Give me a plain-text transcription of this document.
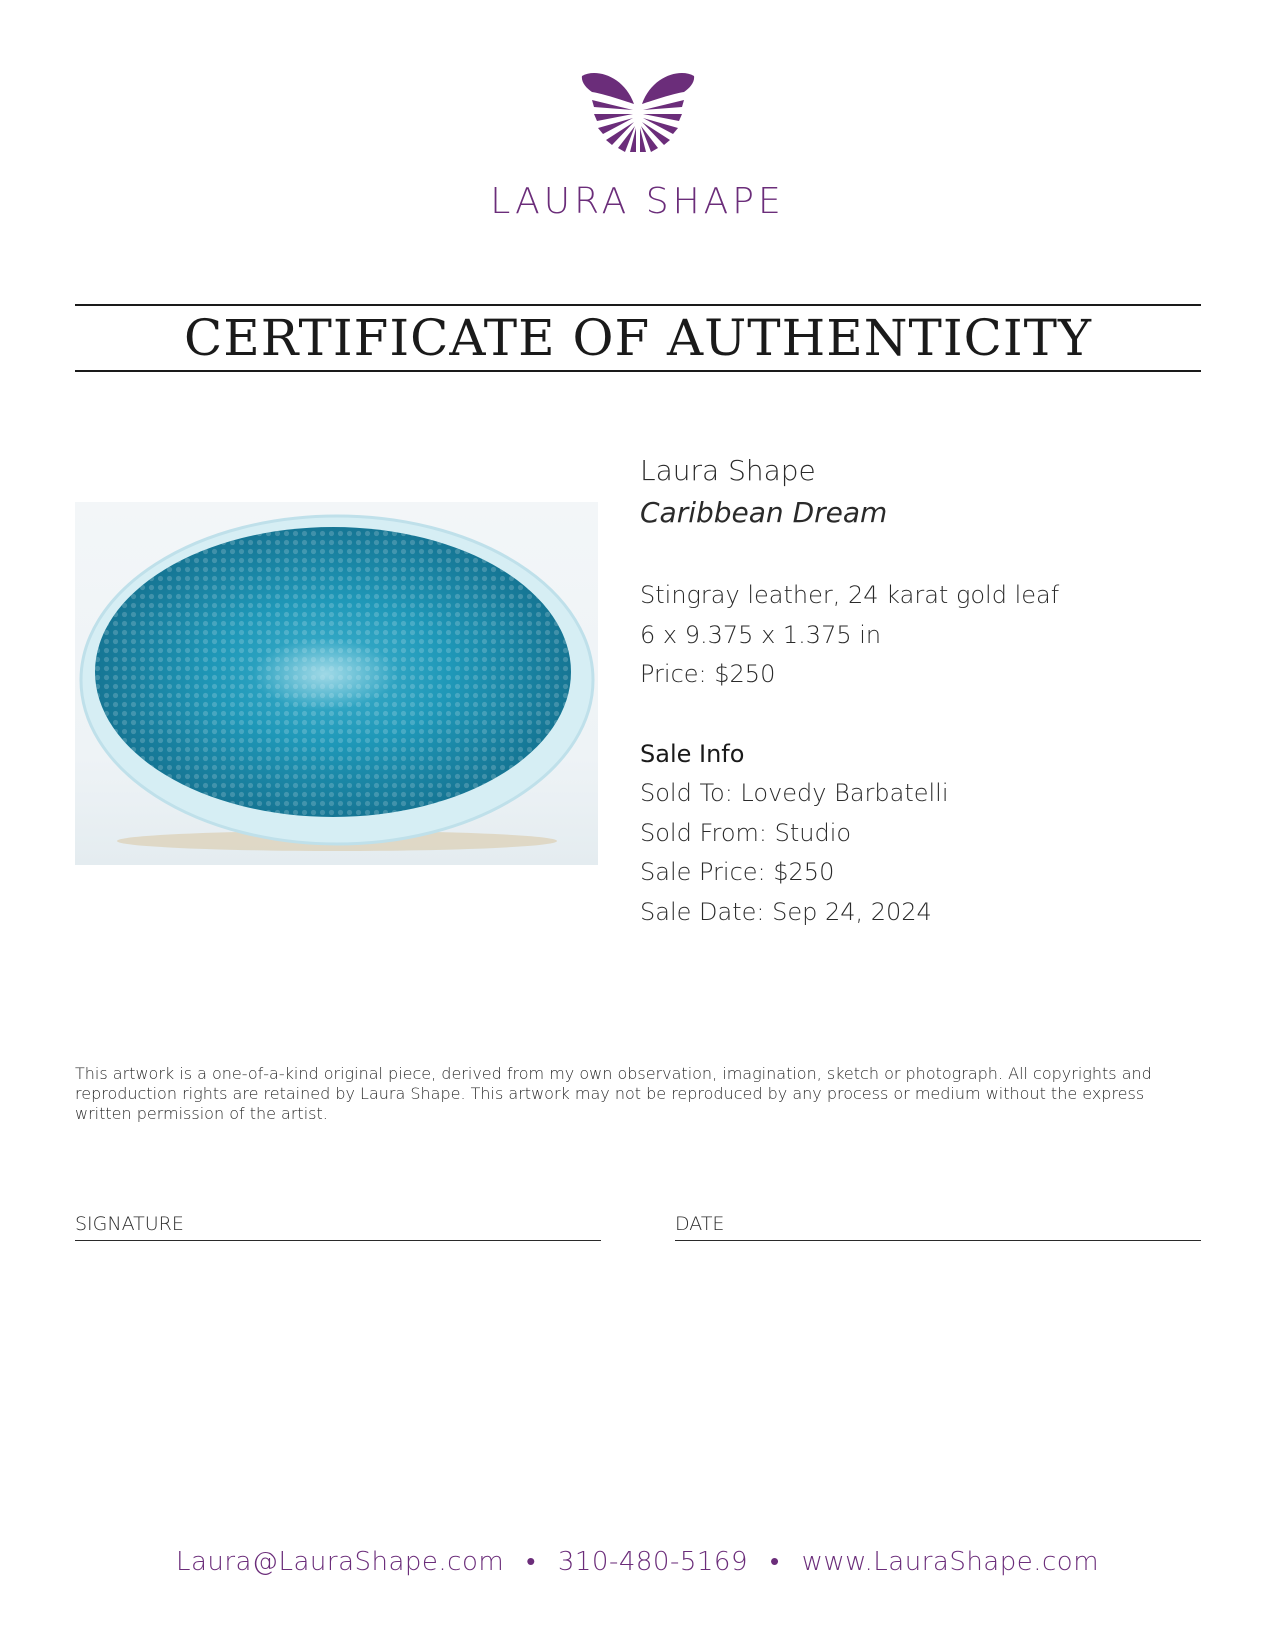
LAURA SHAPE
CERTIFICATE OF AUTHENTICITY
Laura Shape
Caribbean Dream
Stingray leather, 24 karat gold leaf
6 x 9.375 x 1.375 in
Price: $250
Sale Info
Sold To: Lovedy Barbatelli
Sold From: Studio
Sale Price: $250
Sale Date: Sep 24, 2024
This artwork is a one-of-a-kind original piece, derived from my own observation, imagination, sketch or photograph. All copyrights and reproduction rights are retained by Laura Shape. This artwork may not be reproduced by any process or medium without the express written permission of the artist.
SIGNATURE	DATE
Laura@LauraShape.com • 310-480-5169 • www.LauraShape.com
